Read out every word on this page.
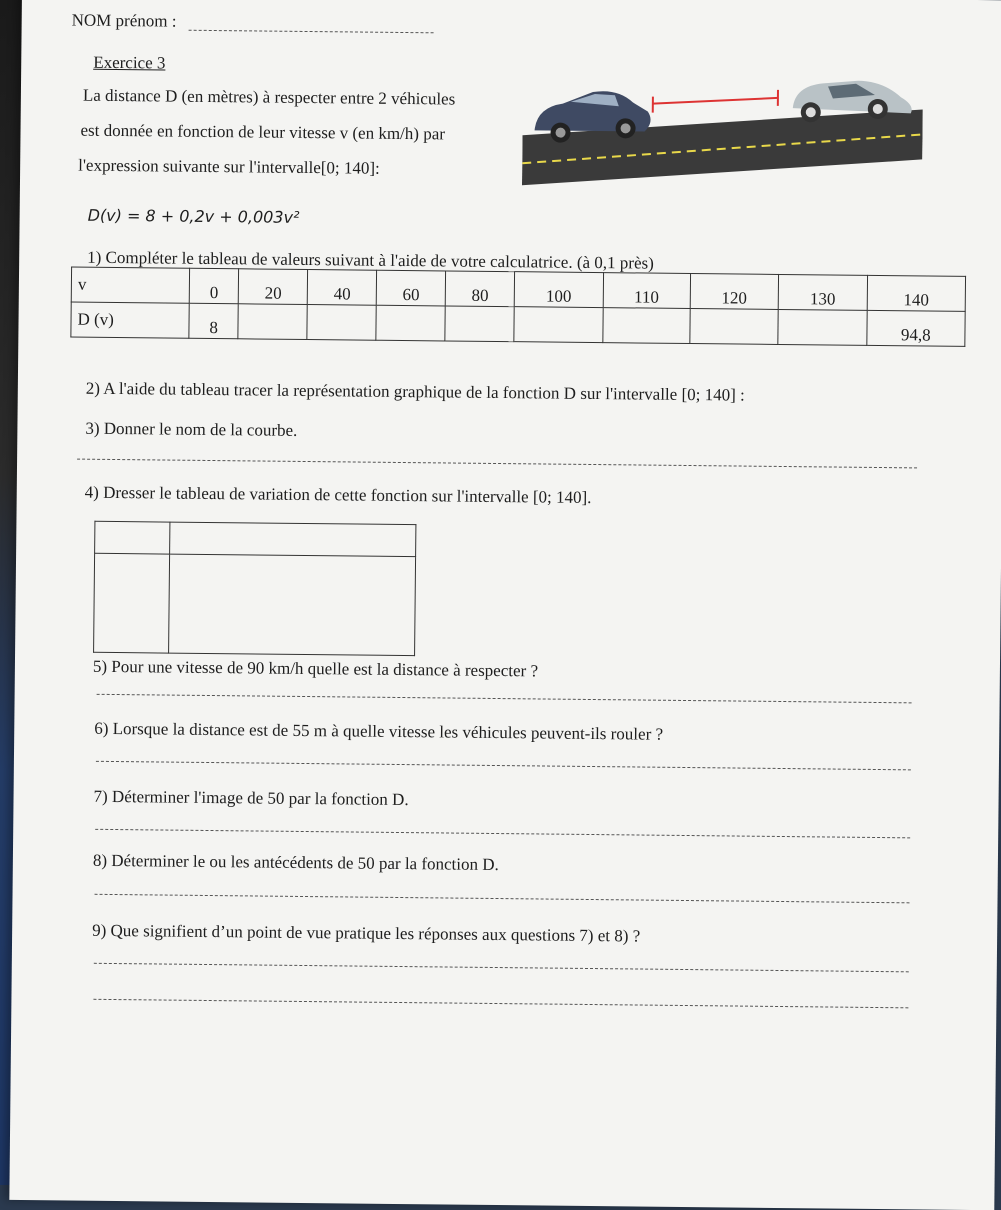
NOM prénom :
Exercice 3
La distance D (en mètres) à respecter entre 2 véhicules
est donnée en fonction de leur vitesse v (en km/h) par
l'expression suivante sur l'intervalle[0; 140]:
D(v) = 8 + 0,2v + 0,003v²
1) Compléter le tableau de valeurs suivant à l'aide de votre calculatrice. (à 0,1 près)
v	0	20	40	60	80	100	110	120	130	140
D (v)	8									94,8
2) A l'aide du tableau tracer la représentation graphique de la fonction D sur l'intervalle [0; 140] :
3) Donner le nom de la courbe.
4) Dresser le tableau de variation de cette fonction sur l'intervalle [0; 140].

5) Pour une vitesse de 90 km/h quelle est la distance à respecter ?
6) Lorsque la distance est de 55 m à quelle vitesse les véhicules peuvent-ils rouler ?
7) Déterminer l'image de 50 par la fonction D.
8) Déterminer le ou les antécédents de 50 par la fonction D.
9) Que signifient d’un point de vue pratique les réponses aux questions 7) et 8) ?
